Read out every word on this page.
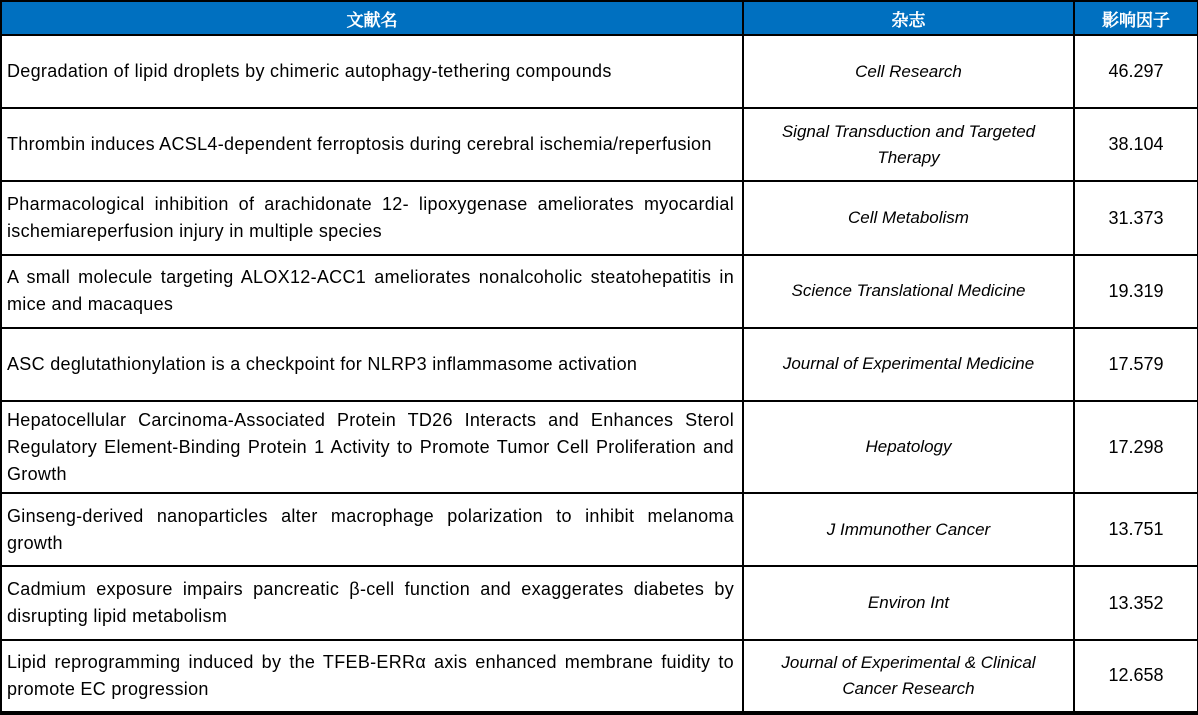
文献名	杂志	影响因子
Degradation of lipid droplets by chimeric autophagy-tethering compounds	Cell Research	46.297
Thrombin induces ACSL4-dependent ferroptosis during cerebral ischemia/reperfusion	Signal Transduction and Targeted Therapy	38.104
Pharmacological inhibition of arachidonate 12- lipoxygenase ameliorates myocardial ischemiareperfusion injury in multiple species	Cell Metabolism	31.373
A small molecule targeting ALOX12-ACC1 ameliorates nonalcoholic steatohepatitis in mice and macaques	Science Translational Medicine	19.319
ASC deglutathionylation is a checkpoint for NLRP3 inflammasome activation	Journal of Experimental Medicine	17.579
Hepatocellular Carcinoma-Associated Protein TD26 Interacts and Enhances Sterol Regulatory Element-Binding Protein 1 Activity to Promote Tumor Cell Proliferation and Growth	Hepatology	17.298
Ginseng-derived nanoparticles alter macrophage polarization to inhibit melanoma growth	J Immunother Cancer	13.751
Cadmium exposure impairs pancreatic β-cell function and exaggerates diabetes by disrupting lipid metabolism	Environ Int	13.352
Lipid reprogramming induced by the TFEB-ERRα axis enhanced membrane fuidity to promote EC progression	Journal of Experimental & Clinical Cancer Research	12.658
